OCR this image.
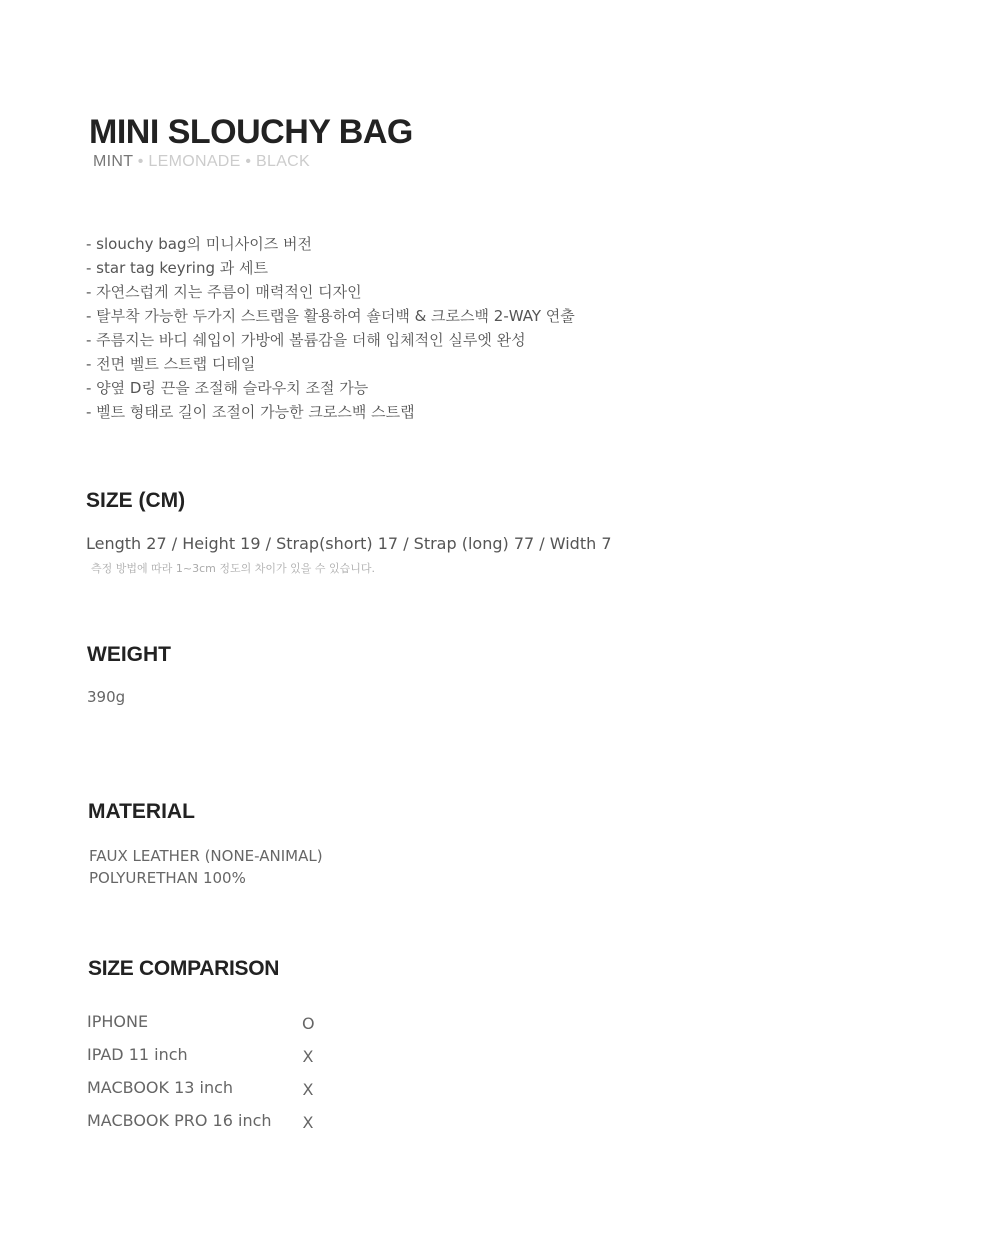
MINI SLOUCHY BAG
MINT • LEMONADE • BLACK
- slouchy bag의 미니사이즈 버전
- star tag keyring 과 세트
- 자연스럽게 지는 주름이 매력적인 디자인
- 탈부착 가능한 두가지 스트랩을 활용하여 숄더백 & 크로스백 2-WAY 연출
- 주름지는 바디 쉐입이 가방에 볼륨감을 더해 입체적인 실루엣 완성
- 전면 벨트 스트랩 디테일
- 양옆 D링 끈을 조절해 슬라우치 조절 가능
- 벨트 형태로 길이 조절이 가능한 크로스백 스트랩
SIZE (CM)
Length 27 / Height 19 / Strap(short) 17 / Strap (long) 77 / Width 7
측정 방법에 따라 1~3cm 정도의 차이가 있을 수 있습니다.
WEIGHT
390g
MATERIAL
FAUX LEATHER (NONE-ANIMAL)
POLYURETHAN 100%
SIZE COMPARISON
IPHONE	O
IPAD 11 inch	X
MACBOOK 13 inch	X
MACBOOK PRO 16 inch X
